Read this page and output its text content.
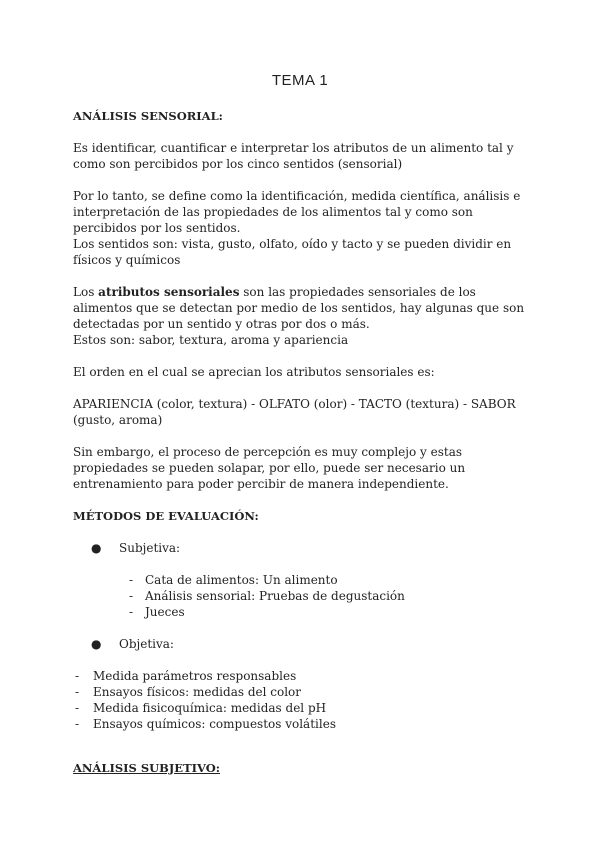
TEMA 1

ANÁLISIS SENSORIAL:

Es identificar, cuantificar e interpretar los atributos de un alimento tal y como son percibidos por los cinco sentidos (sensorial)

Por lo tanto, se define como la identificación, medida científica, análisis e interpretación de las propiedades de los alimentos tal y como son percibidos por los sentidos.

Los sentidos son: vista, gusto, olfato, oído y tacto y se pueden dividir en físicos y químicos

Los atributos sensoriales son las propiedades sensoriales de los alimentos que se detectan por medio de los sentidos, hay algunas que son detectadas por un sentido y otras por dos o más.

Estos son: sabor, textura, aroma y apariencia

El orden en el cual se aprecian los atributos sensoriales es:

APARIENCIA (color, textura) - OLFATO (olor) - TACTO (textura) - SABOR (gusto, aroma)

Sin embargo, el proceso de percepción es muy complejo y estas propiedades se pueden solapar, por ello, puede ser necesario un entrenamiento para poder percibir de manera independiente.

MÉTODOS DE EVALUACIÓN:

● Subjetiva:
- Cata de alimentos: Un alimento
- Análisis sensorial: Pruebas de degustación
- Jueces
● Objetiva:
- Medida parámetros responsables
- Ensayos físicos: medidas del color
- Medida fisicoquímica: medidas del pH
- Ensayos químicos: compuestos volátiles

ANÁLISIS SUBJETIVO:
